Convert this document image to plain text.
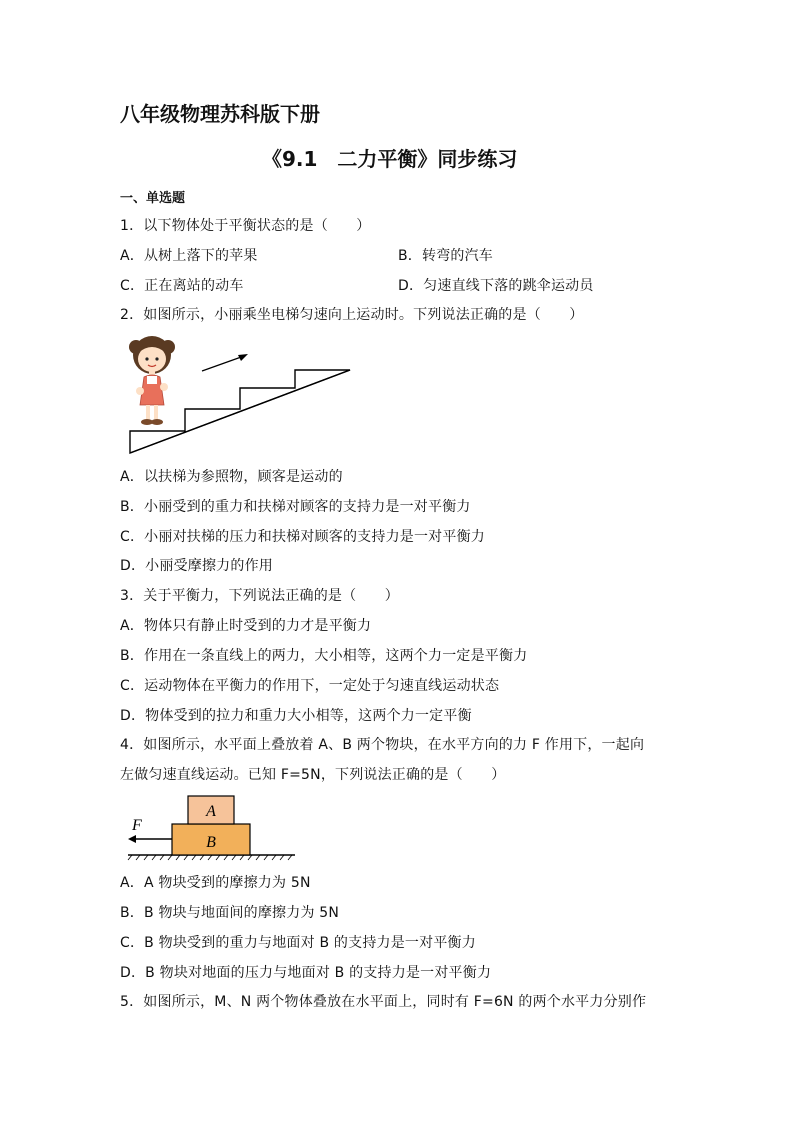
八年级物理苏科版下册
《9.1　二力平衡》同步练习
一、单选题
1．以下物体处于平衡状态的是（　　）
A．从树上落下的苹果	B．转弯的汽车
C．正在离站的动车	D．匀速直线下落的跳伞运动员
2．如图所示，小丽乘坐电梯匀速向上运动时。下列说法正确的是（　　）
A．以扶梯为参照物，顾客是运动的
B．小丽受到的重力和扶梯对顾客的支持力是一对平衡力
C．小丽对扶梯的压力和扶梯对顾客的支持力是一对平衡力
D．小丽受摩擦力的作用
3．关于平衡力，下列说法正确的是（　　）
A．物体只有静止时受到的力才是平衡力
B．作用在一条直线上的两力，大小相等，这两个力一定是平衡力
C．运动物体在平衡力的作用下，一定处于匀速直线运动状态
D．物体受到的拉力和重力大小相等，这两个力一定平衡
4．如图所示，水平面上叠放着 A、B 两个物块，在水平方向的力 F 作用下，一起向
左做匀速直线运动。已知 F=5N，下列说法正确的是（　　）
A
B
F
A．A 物块受到的摩擦力为 5N
B．B 物块与地面间的摩擦力为 5N
C．B 物块受到的重力与地面对 B 的支持力是一对平衡力
D．B 物块对地面的压力与地面对 B 的支持力是一对平衡力
5．如图所示，M、N 两个物体叠放在水平面上，同时有 F=6N 的两个水平力分别作
